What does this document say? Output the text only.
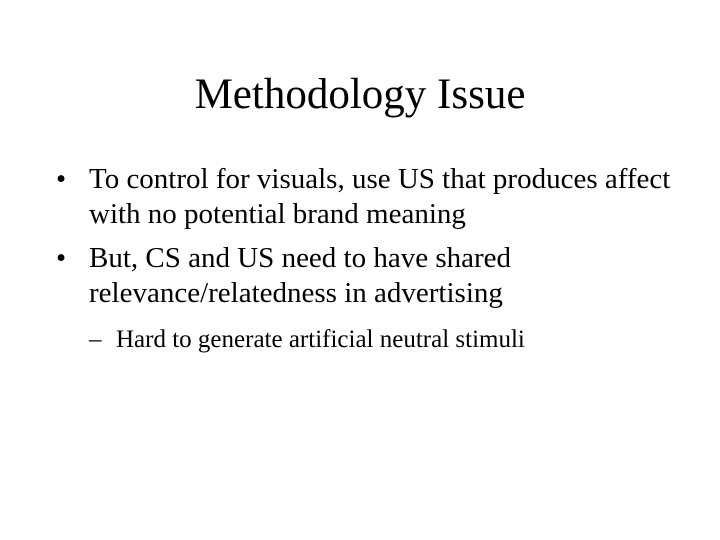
Methodology Issue
• To control for visuals, use US that produces affect with no potential brand meaning
• But, CS and US need to have shared relevance/relatedness in advertising
– Hard to generate artificial neutral stimuli
